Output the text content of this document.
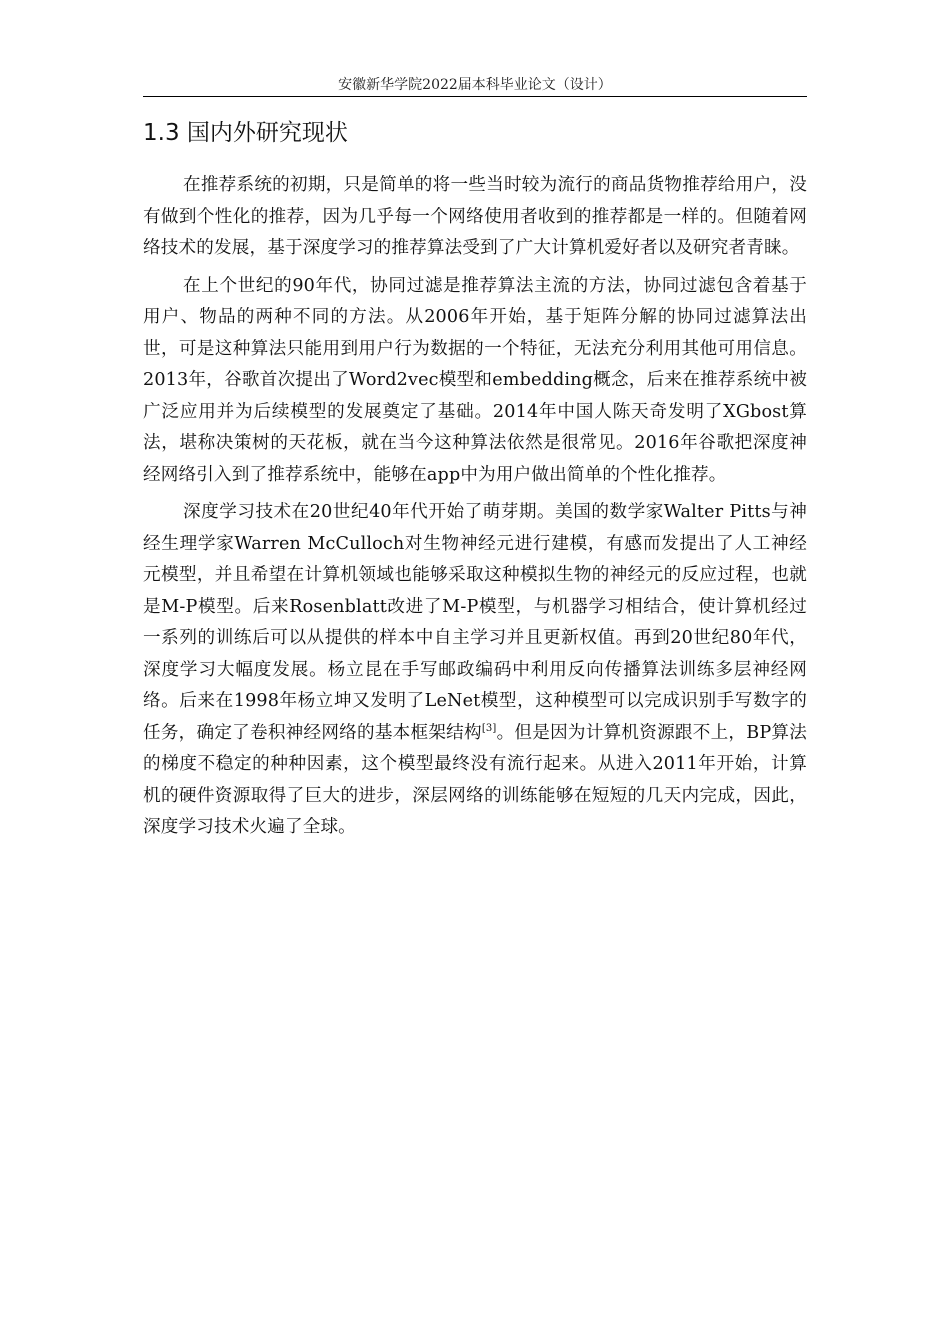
安徽新华学院2022届本科毕业论文（设计）
1.3 国内外研究现状

在推荐系统的初期，只是简单的将一些当时较为流行的商品货物推荐给用户，没有做到个性化的推荐，因为几乎每一个网络使用者收到的推荐都是一样的。但随着网络技术的发展，基于深度学习的推荐算法受到了广大计算机爱好者以及研究者青睐。

在上个世纪的90年代，协同过滤是推荐算法主流的方法，协同过滤包含着基于用户、物品的两种不同的方法。从2006年开始，基于矩阵分解的协同过滤算法出世，可是这种算法只能用到用户行为数据的一个特征，无法充分利用其他可用信息。2013年，谷歌首次提出了Word2vec模型和embedding概念，后来在推荐系统中被广泛应用并为后续模型的发展奠定了基础。2014年中国人陈天奇发明了XGbost算法，堪称决策树的天花板，就在当今这种算法依然是很常见。2016年谷歌把深度神经网络引入到了推荐系统中，能够在app中为用户做出简单的个性化推荐。

深度学习技术在20世纪40年代开始了萌芽期。美国的数学家Walter Pitts与神经生理学家Warren McCulloch对生物神经元进行建模，有感而发提出了人工神经元模型，并且希望在计算机领域也能够采取这种模拟生物的神经元的反应过程，也就是M-P模型。后来Rosenblatt改进了M-P模型，与机器学习相结合，使计算机经过一系列的训练后可以从提供的样本中自主学习并且更新权值。再到20世纪80年代，深度学习大幅度发展。杨立昆在手写邮政编码中利用反向传播算法训练多层神经网络。后来在1998年杨立坤又发明了LeNet模型，这种模型可以完成识别手写数字的任务，确定了卷积神经网络的基本框架结构[3]。但是因为计算机资源跟不上，BP算法的梯度不稳定的种种因素，这个模型最终没有流行起来。从进入2011年开始，计算机的硬件资源取得了巨大的进步，深层网络的训练能够在短短的几天内完成，因此，深度学习技术火遍了全球。
